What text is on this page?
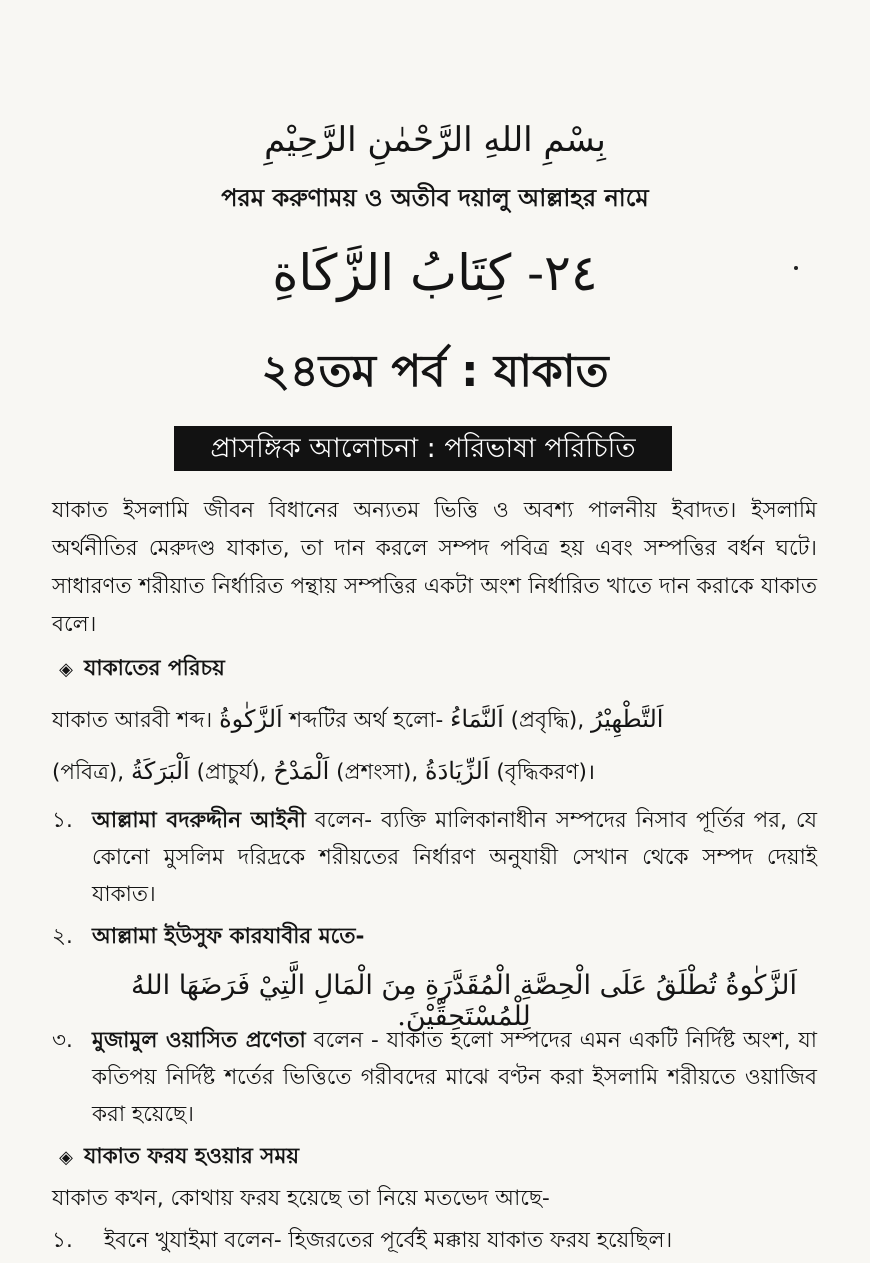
بِسْمِ اللهِ الرَّحْمٰنِ الرَّحِيْمِ
পরম করুণাময় ও অতীব দয়ালু আল্লাহর নামে
٢٤- كِتَابُ الزَّكَاةِ
২৪তম পর্ব : যাকাত
প্রাসঙ্গিক আলোচনা : পরিভাষা পরিচিতি
যাকাত ইসলামি জীবন বিধানের অন্যতম ভিত্তি ও অবশ্য পালনীয় ইবাদত। ইসলামি অর্থনীতির মেরুদণ্ড যাকাত, তা দান করলে সম্পদ পবিত্র হয় এবং সম্পত্তির বর্ধন ঘটে। সাধারণত শরীয়াত নির্ধারিত পন্থায় সম্পত্তির একটা অংশ নির্ধারিত খাতে দান করাকে যাকাত বলে।
◈ যাকাতের পরিচয়
যাকাত আরবী শব্দ। اَلزَّكٰوةُ শব্দটির অর্থ হলো- اَلنَّمَاءُ (প্রবৃদ্ধি), اَلتَّطْهِيْرُ
(পবিত্র), اَلْبَرَكَةُ (প্রাচুর্য), اَلْمَدْحُ (প্রশংসা), اَلزِّيَادَةُ (বৃদ্ধিকরণ)।
১. আল্লামা বদরুদ্দীন আইনী বলেন- ব্যক্তি মালিকানাধীন সম্পদের নিসাব পূর্তির পর, যে কোনো মুসলিম দরিদ্রকে শরীয়তের নির্ধারণ অনুযায়ী সেখান থেকে সম্পদ দেয়াই যাকাত।
২. আল্লামা ইউসুফ কারযাবীর মতে-
اَلزَّكٰوةُ تُطْلَقُ عَلَى الْحِصَّةِ الْمُقَدَّرَةِ مِنَ الْمَالِ الَّتِيْ فَرَضَهَا اللهُ لِلْمُسْتَحِقِّيْنَ.
৩. মুজামুল ওয়াসিত প্রণেতা বলেন - যাকাত হলো সম্পদের এমন একটি নির্দিষ্ট অংশ, যা কতিপয় নির্দিষ্ট শর্তের ভিত্তিতে গরীবদের মাঝে বণ্টন করা ইসলামি শরীয়তে ওয়াজিব করা হয়েছে।
◈ যাকাত ফরয হওয়ার সময়
যাকাত কখন, কোথায় ফরয হয়েছে তা নিয়ে মতভেদ আছে-
১.	ইবনে খুযাইমা বলেন- হিজরতের পূর্বেই মক্কায় যাকাত ফরয হয়েছিল।
